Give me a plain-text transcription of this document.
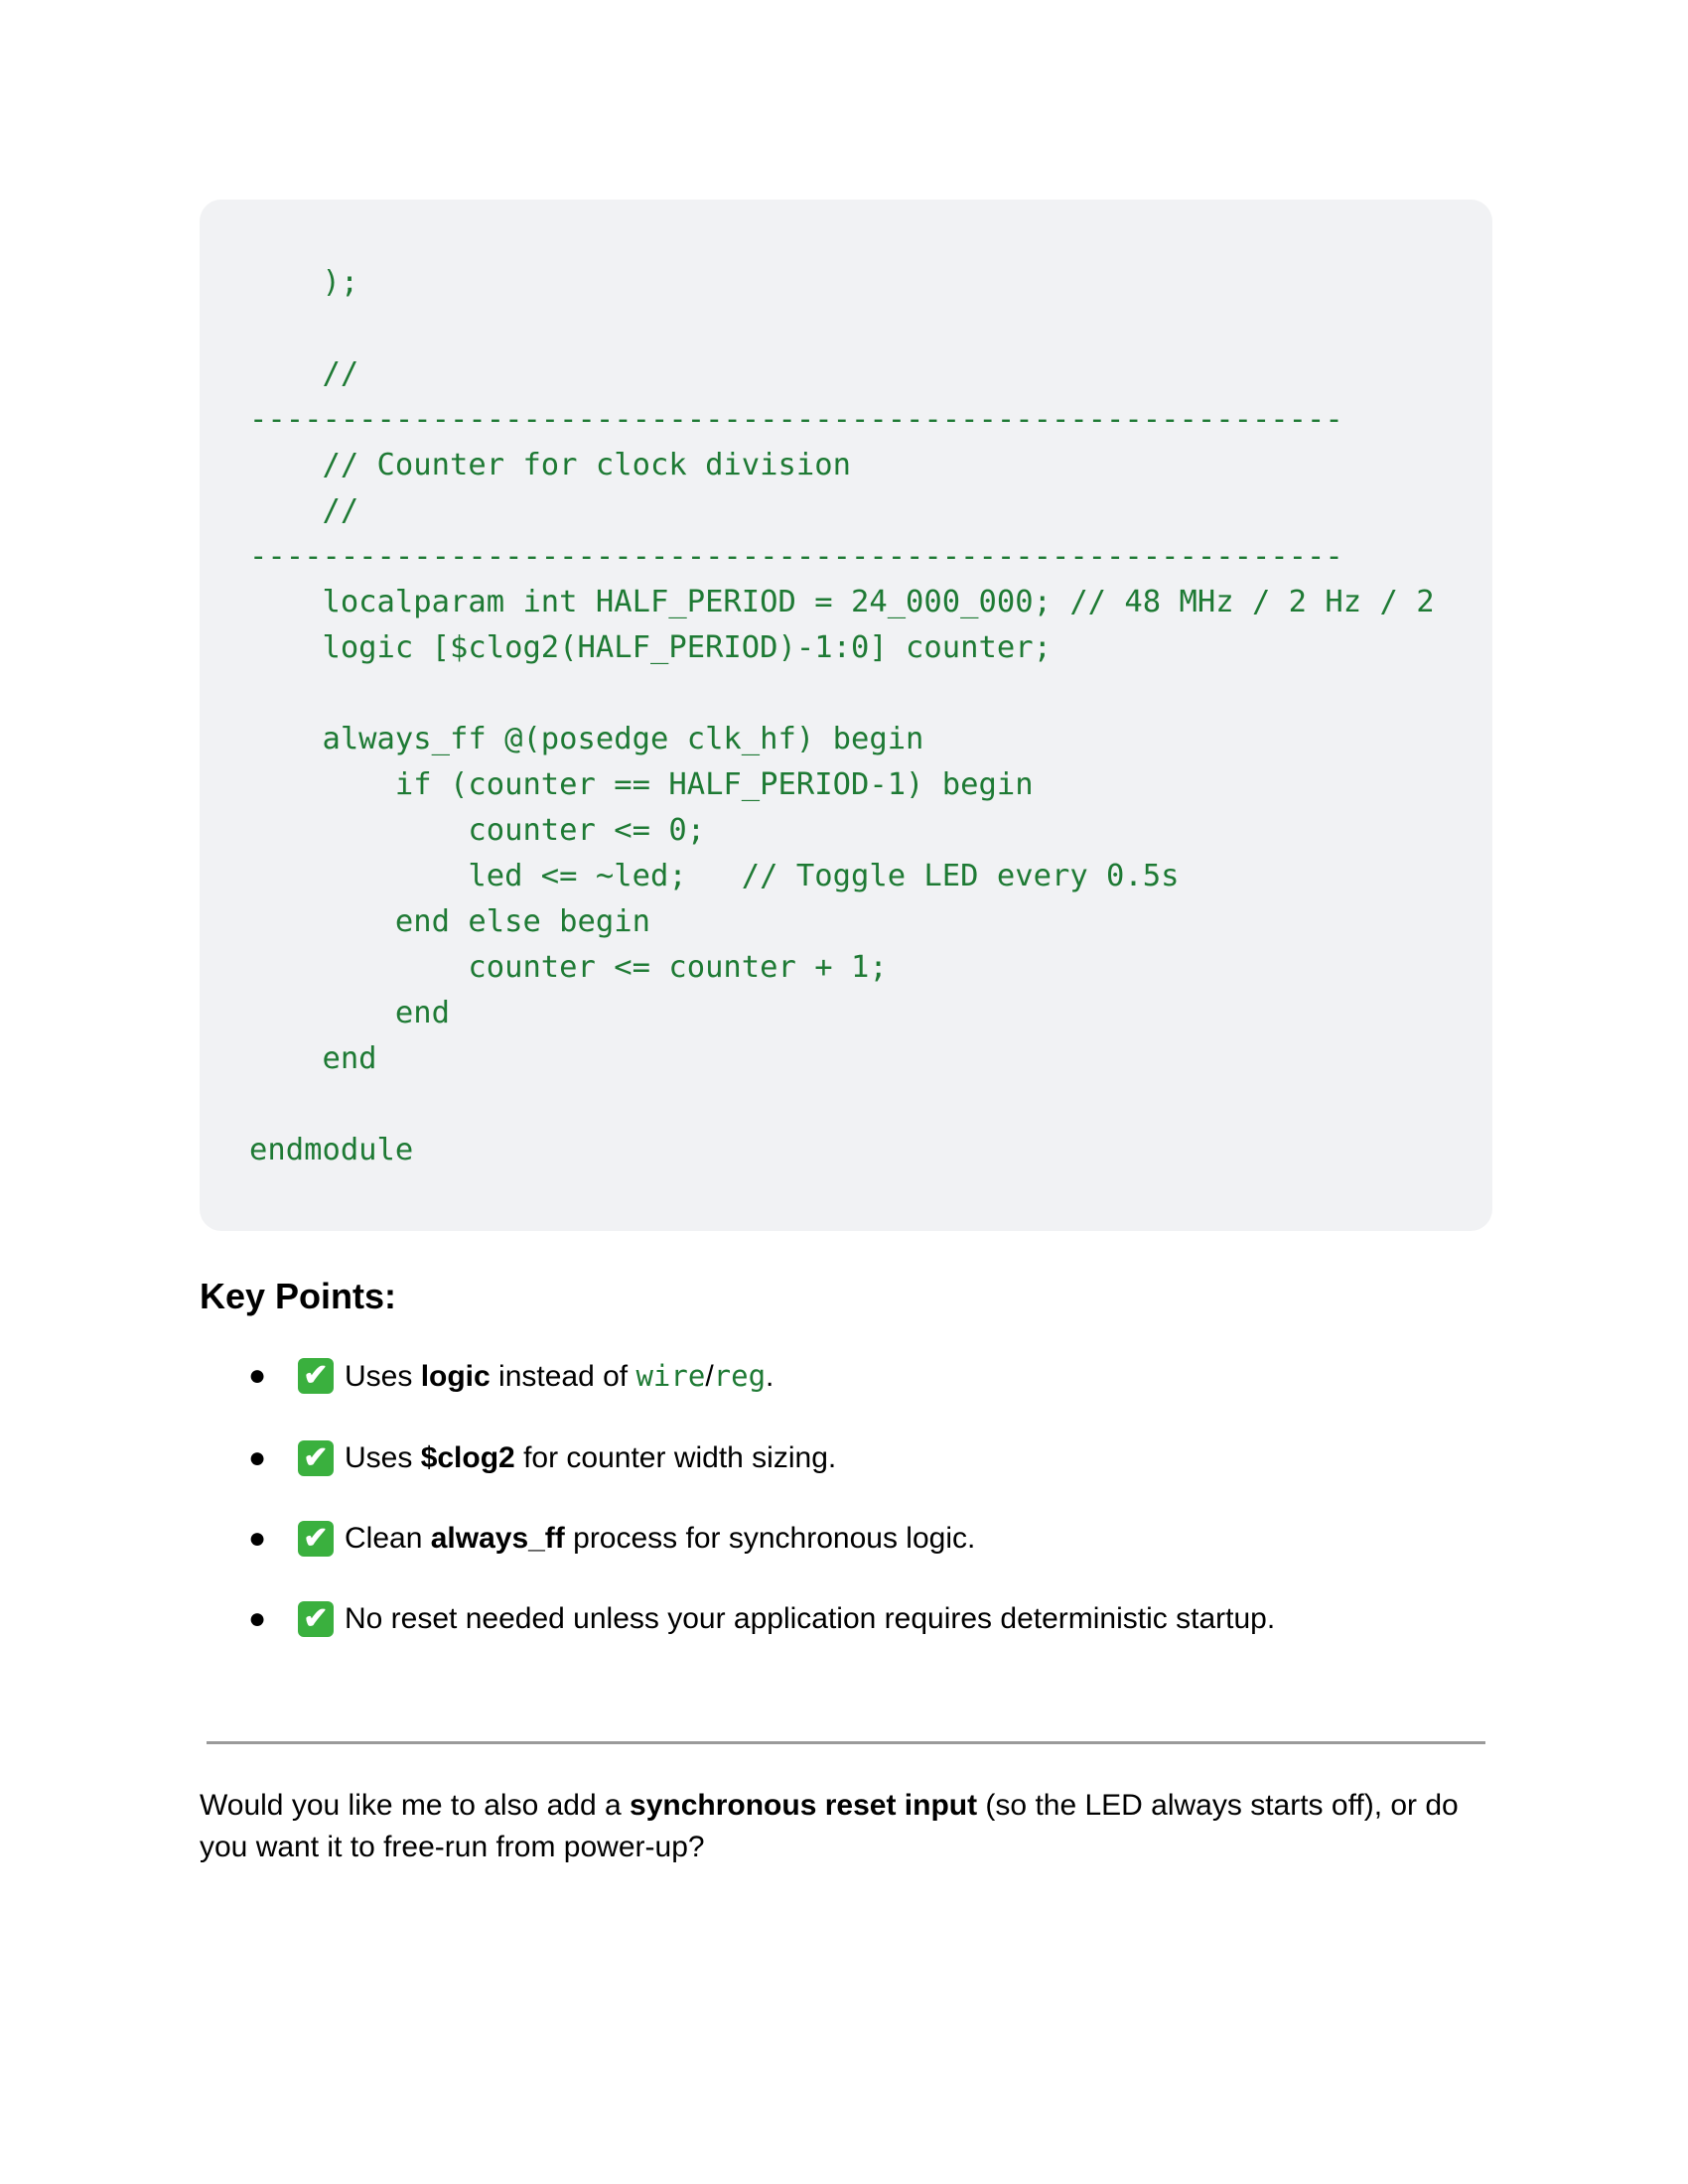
);
//
------------------------------------------------------------
// Counter for clock division
//
------------------------------------------------------------
localparam int HALF_PERIOD = 24_000_000; // 48 MHz / 2 Hz / 2
logic [$clog2(HALF_PERIOD)-1:0] counter;
always_ff @(posedge clk_hf) begin
if (counter == HALF_PERIOD-1) begin
counter <= 0;
led <= ~led;   // Toggle LED every 0.5s
end else begin
counter <= counter + 1;
end
end
endmodule
Key Points:
● ✔ Uses logic instead of wire/reg.
● ✔ Uses $clog2 for counter width sizing.
● ✔ Clean always_ff process for synchronous logic.
● ✔ No reset needed unless your application requires deterministic startup.

Would you like me to also add a synchronous reset input (so the LED always starts off), or do you want it to free-run from power-up?
